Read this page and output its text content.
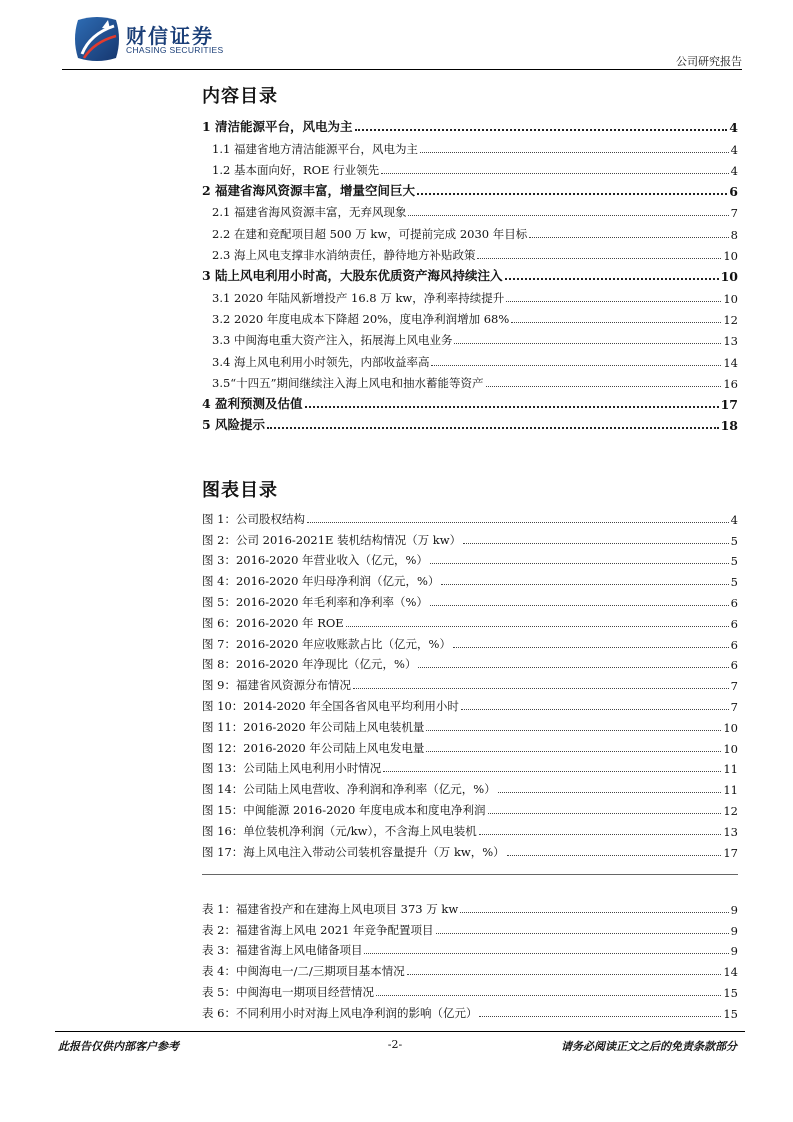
财信证券
CHASING SECURITIES
公司研究报告
内容目录
1 清洁能源平台，风电为主	4
1.1 福建省地方清洁能源平台，风电为主	4
1.2 基本面向好，ROE 行业领先	4
2 福建省海风资源丰富，增量空间巨大	6
2.1 福建省海风资源丰富，无弃风现象	7
2.2 在建和竞配项目超 500 万 kw，可提前完成 2030 年目标	8
2.3 海上风电支撑非水消纳责任，静待地方补贴政策	10
3 陆上风电利用小时高，大股东优质资产海风持续注入	10
3.1 2020 年陆风新增投产 16.8 万 kw，净利率持续提升	10
3.2 2020 年度电成本下降超 20%，度电净利润增加 68%	12
3.3 中闽海电重大资产注入，拓展海上风电业务	13
3.4 海上风电利用小时领先，内部收益率高	14
3.5“十四五”期间继续注入海上风电和抽水蓄能等资产	16
4 盈利预测及估值	17
5 风险提示	18
图表目录
图 1：公司股权结构	4
图 2：公司 2016-2021E 装机结构情况（万 kw）	5
图 3：2016-2020 年营业收入（亿元，%）	5
图 4：2016-2020 年归母净利润（亿元，%）	5
图 5：2016-2020 年毛利率和净利率（%）	6
图 6：2016-2020 年 ROE	6
图 7：2016-2020 年应收账款占比（亿元，%）	6
图 8：2016-2020 年净现比（亿元，%）	6
图 9：福建省风资源分布情况	7
图 10：2014-2020 年全国各省风电平均利用小时	7
图 11：2016-2020 年公司陆上风电装机量	10
图 12：2016-2020 年公司陆上风电发电量	10
图 13：公司陆上风电利用小时情况	11
图 14：公司陆上风电营收、净利润和净利率（亿元，%）	11
图 15：中闽能源 2016-2020 年度电成本和度电净利润	12
图 16：单位装机净利润（元/kw），不含海上风电装机	13
图 17：海上风电注入带动公司装机容量提升（万 kw，%）	17
表 1：福建省投产和在建海上风电项目 373 万 kw	9
表 2：福建省海上风电 2021 年竞争配置项目	9
表 3：福建省海上风电储备项目	9
表 4：中闽海电一/二/三期项目基本情况	14
表 5：中闽海电一期项目经营情况	15
表 6：不同利用小时对海上风电净利润的影响（亿元）	15
此报告仅供内部客户参考	-2-	请务必阅读正文之后的免责条款部分
